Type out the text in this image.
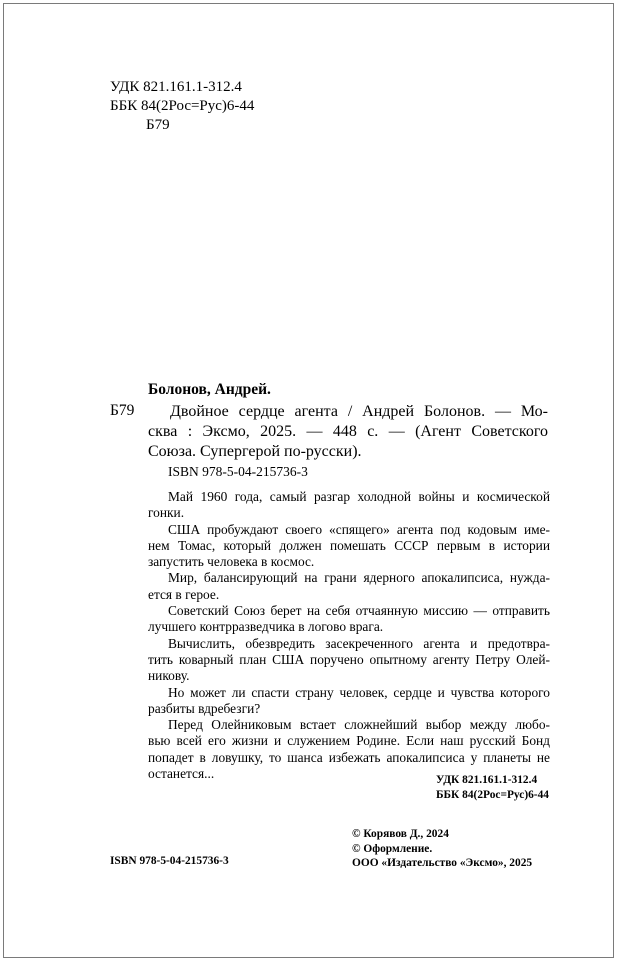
УДК 821.161.1-312.4
ББК 84(2Рос=Рус)6-44
Б79
Болонов, Андрей.
Б79	Двойное сердце агента / Андрей Болонов. — Мо-
сква : Эксмо, 2025. — 448 с. — (Агент Советского
Союза. Супергерой по-русски).
ISBN 978-5-04-215736-3
Май 1960 года, самый разгар холодной войны и космической
гонки.
США пробуждают своего «спящего» агента под кодовым име-
нем Томас, который должен помешать СССР первым в истории
запустить человека в космос.
Мир, балансирующий на грани ядерного апокалипсиса, нужда-
ется в герое.
Советский Союз берет на себя отчаянную миссию — отправить
лучшего контрразведчика в логово врага.
Вычислить, обезвредить засекреченного агента и предотвра-
тить коварный план США поручено опытному агенту Петру Олей-
никову.
Но может ли спасти страну человек, сердце и чувства которого
разбиты вдребезги?
Перед Олейниковым встает сложнейший выбор между любо-
вью всей его жизни и служением Родине. Если наш русский Бонд
попадет в ловушку, то шанса избежать апокалипсиса у планеты не
останется...	УДК 821.161.1-312.4
ББК 84(2Рос=Рус)6-44
© Корявов Д., 2024
© Оформление.
ООО «Издательство «Эксмо», 2025
ISBN 978-5-04-215736-3
